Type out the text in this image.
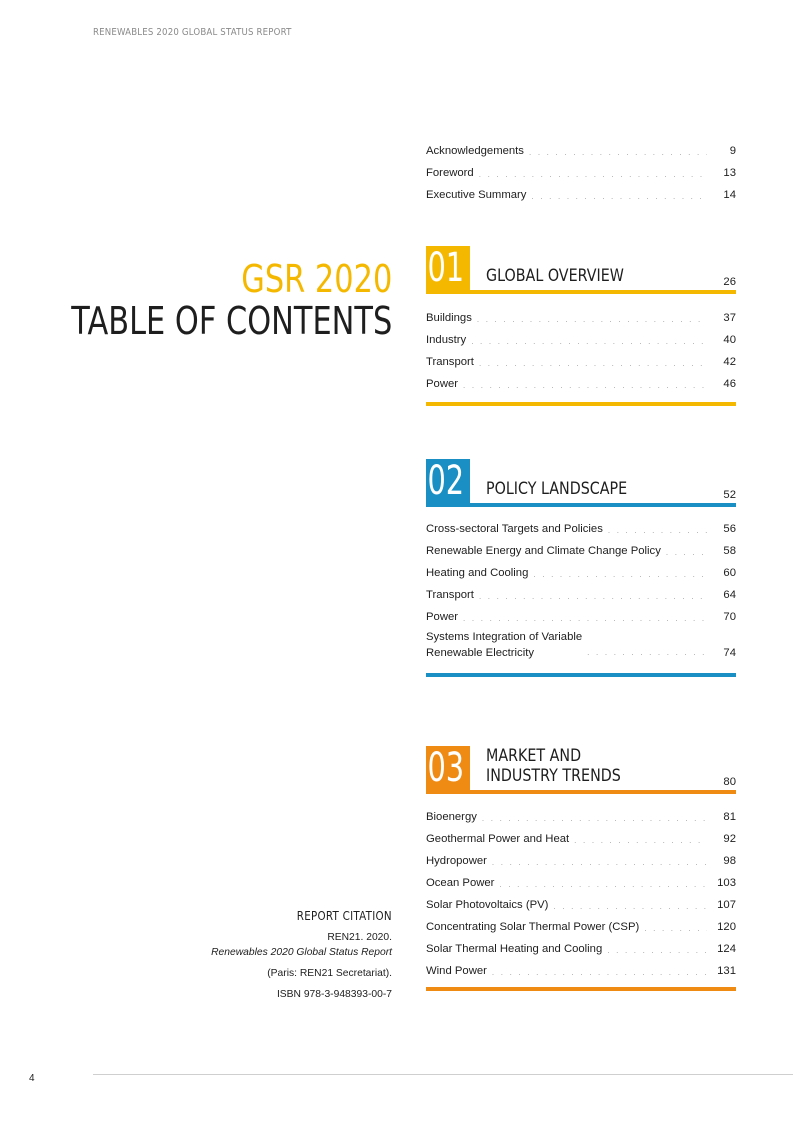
RENEWABLES 2020 GLOBAL STATUS REPORT
GSR 2020
TABLE OF CONTENTS
Acknowledgements . . .	9
Foreword . . .	13
Executive Summary . . .	14
01	GLOBAL OVERVIEW	26
Buildings . . .	37
Industry . . .	40
Transport . . .	42
Power . . .	46
02	POLICY LANDSCAPE	52
Cross-sectoral Targets and Policies . . .	56
Renewable Energy and Climate Change Policy . . .	58
Heating and Cooling . . .	60
Transport . . .	64
Power . . .	70
Systems Integration of Variable
Renewable Electricity . . .	74
03	MARKET AND
INDUSTRY TRENDS	80
Bioenergy . . .	81
Geothermal Power and Heat . . .	92
Hydropower . . .	98
Ocean Power . . .	103
Solar Photovoltaics (PV) . . .	107
Concentrating Solar Thermal Power (CSP) . . .	120
Solar Thermal Heating and Cooling . . .	124
Wind Power . . .	131
REPORT CITATION
REN21. 2020.
Renewables 2020 Global Status Report
(Paris: REN21 Secretariat).
ISBN 978-3-948393-00-7
4
